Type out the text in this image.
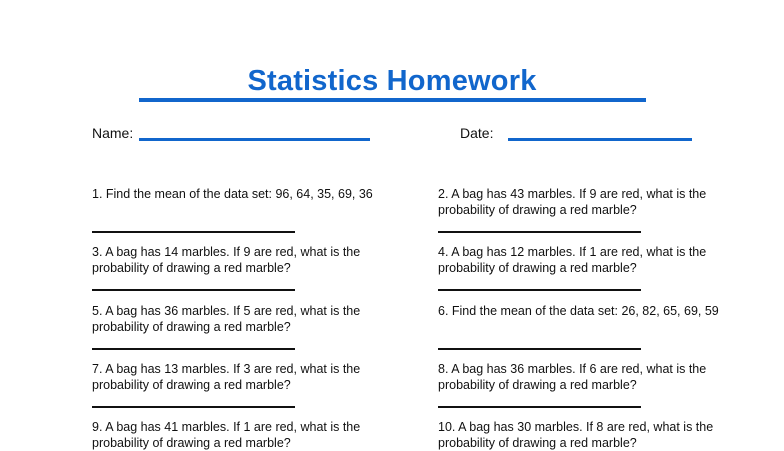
Statistics Homework
Name:	Date:
1. Find the mean of the data set: 96, 64, 35, 69, 36
3. A bag has 14 marbles. If 9 are red, what is the probability of drawing a red marble?
5. A bag has 36 marbles. If 5 are red, what is the probability of drawing a red marble?
7. A bag has 13 marbles. If 3 are red, what is the probability of drawing a red marble?
9. A bag has 41 marbles. If 1 are red, what is the probability of drawing a red marble?
2. A bag has 43 marbles. If 9 are red, what is the probability of drawing a red marble?
4. A bag has 12 marbles. If 1 are red, what is the probability of drawing a red marble?
6. Find the mean of the data set: 26, 82, 65, 69, 59
8. A bag has 36 marbles. If 6 are red, what is the probability of drawing a red marble?
10. A bag has 30 marbles. If 8 are red, what is the probability of drawing a red marble?
